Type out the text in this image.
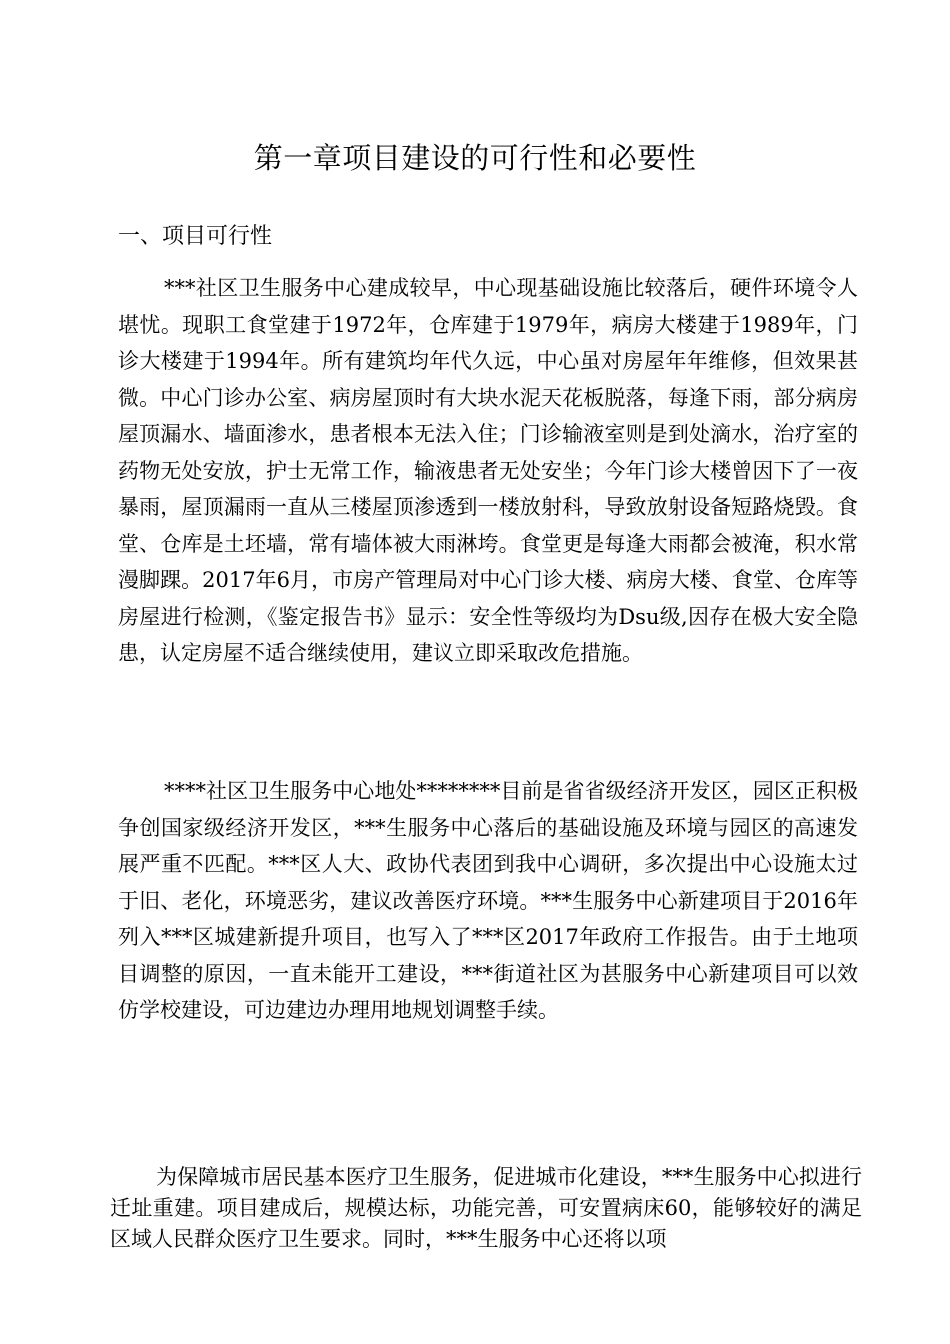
第一章项目建设的可行性和必要性
一、项目可行性

***社区卫生服务中心建成较早，中心现基础设施比较落后，硬件环境令人堪忧。现职工食堂建于1972年，仓库建于1979年，病房大楼建于1989年，门诊大楼建于1994年。所有建筑均年代久远，中心虽对房屋年年维修，但效果甚微。中心门诊办公室、病房屋顶时有大块水泥天花板脱落，每逢下雨，部分病房屋顶漏水、墙面渗水，患者根本无法入住；门诊输液室则是到处滴水，治疗室的药物无处安放，护士无常工作，输液患者无处安坐；今年门诊大楼曾因下了一夜暴雨，屋顶漏雨一直从三楼屋顶渗透到一楼放射科，导致放射设备短路烧毁。食堂、仓库是土坯墙，常有墙体被大雨淋垮。食堂更是每逢大雨都会被淹，积水常漫脚踝。2017年6月，市房产管理局对中心门诊大楼、病房大楼、食堂、仓库等房屋进行检测，《鉴定报告书》显示：安全性等级均为Dsu级,因存在极大安全隐患，认定房屋不适合继续使用，建议立即采取改危措施。

****社区卫生服务中心地处********目前是省省级经济开发区，园区正积极争创国家级经济开发区，***生服务中心落后的基础设施及环境与园区的高速发展严重不匹配。***区人大、政协代表团到我中心调研，多次提出中心设施太过于旧、老化，环境恶劣，建议改善医疗环境。***生服务中心新建项目于2016年列入***区城建新提升项目，也写入了***区2017年政府工作报告。由于土地项目调整的原因，一直未能开工建设，***街道社区为甚服务中心新建项目可以效仿学校建设，可边建边办理用地规划调整手续。

为保障城市居民基本医疗卫生服务，促进城市化建设，***生服务中心拟进行迁址重建。项目建成后，规模达标，功能完善，可安置病床60，能够较好的满足区域人民群众医疗卫生要求。同时，***生服务中心还将以项
